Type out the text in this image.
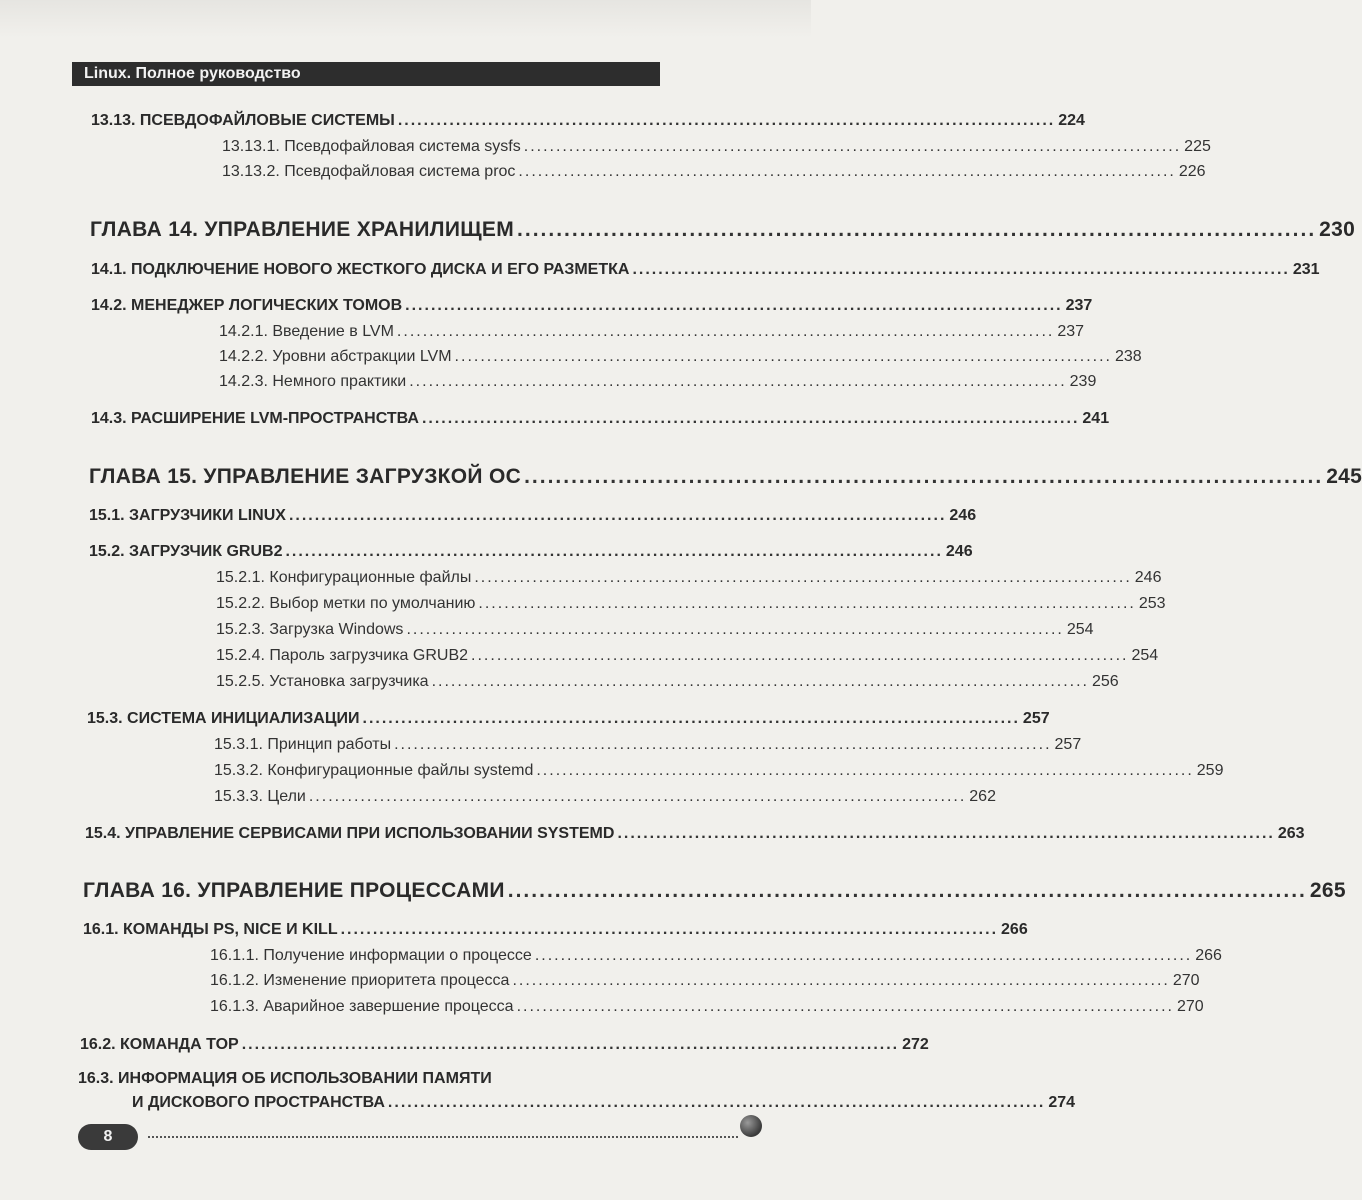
Linux. Полное руководство
13.13. ПСЕВДОФАЙЛОВЫЕ СИСТЕМЫ ...................................................................................................... 224
13.13.1. Псевдофайловая система sysfs ...................................................................................................... 225
13.13.2. Псевдофайловая система proc ...................................................................................................... 226
ГЛАВА 14. УПРАВЛЕНИЕ ХРАНИЛИЩЕМ ...................................................................................................... 230
14.1. ПОДКЛЮЧЕНИЕ НОВОГО ЖЕСТКОГО ДИСКА И ЕГО РАЗМЕТКА ...................................................................................................... 231
14.2. МЕНЕДЖЕР ЛОГИЧЕСКИХ ТОМОВ ...................................................................................................... 237
14.2.1. Введение в LVM ...................................................................................................... 237
14.2.2. Уровни абстракции LVM ...................................................................................................... 238
14.2.3. Немного практики ...................................................................................................... 239
14.3. РАСШИРЕНИЕ LVM-ПРОСТРАНСТВА ...................................................................................................... 241
ГЛАВА 15. УПРАВЛЕНИЕ ЗАГРУЗКОЙ ОС ...................................................................................................... 245
15.1. ЗАГРУЗЧИКИ LINUX ...................................................................................................... 246
15.2. ЗАГРУЗЧИК GRUB2 ...................................................................................................... 246
15.2.1. Конфигурационные файлы ...................................................................................................... 246
15.2.2. Выбор метки по умолчанию ...................................................................................................... 253
15.2.3. Загрузка Windows ...................................................................................................... 254
15.2.4. Пароль загрузчика GRUB2 ...................................................................................................... 254
15.2.5. Установка загрузчика ...................................................................................................... 256
15.3. СИСТЕМА ИНИЦИАЛИЗАЦИИ ...................................................................................................... 257
15.3.1. Принцип работы ...................................................................................................... 257
15.3.2. Конфигурационные файлы systemd ...................................................................................................... 259
15.3.3. Цели ...................................................................................................... 262
15.4. УПРАВЛЕНИЕ СЕРВИСАМИ ПРИ ИСПОЛЬЗОВАНИИ SYSTEMD ...................................................................................................... 263
ГЛАВА 16. УПРАВЛЕНИЕ ПРОЦЕССАМИ ...................................................................................................... 265
16.1. КОМАНДЫ PS, NICE И KILL ...................................................................................................... 266
16.1.1. Получение информации о процессе ...................................................................................................... 266
16.1.2. Изменение приоритета процесса ...................................................................................................... 270
16.1.3. Аварийное завершение процесса ...................................................................................................... 270
16.2. КОМАНДА TOP ...................................................................................................... 272
16.3. ИНФОРМАЦИЯ ОБ ИСПОЛЬЗОВАНИИ ПАМЯТИ
И ДИСКОВОГО ПРОСТРАНСТВА ...................................................................................................... 274
8
